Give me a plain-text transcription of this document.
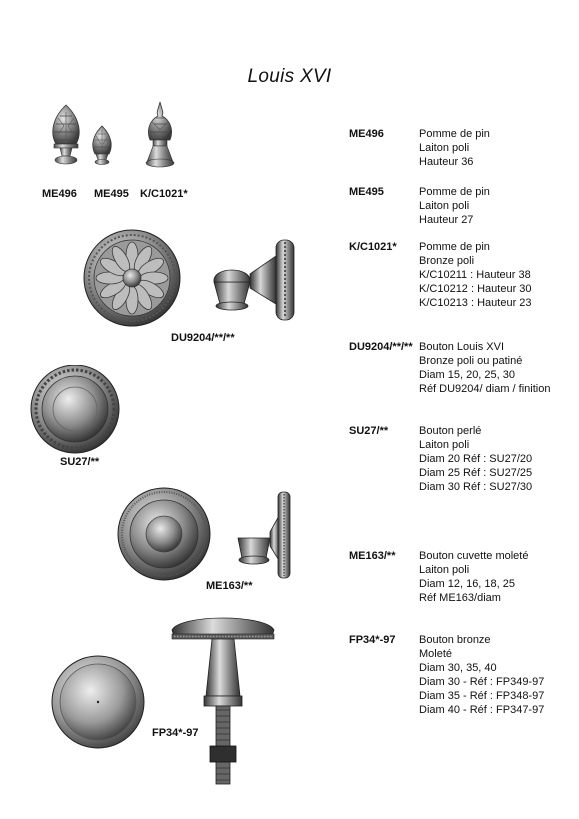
Louis XVI
ME496 ME495 K/C1021*
DU9204/**/**
SU27/**
ME163/**
FP34*-97
ME496	Pomme de pin
Laiton poli
Hauteur 36
ME495	Pomme de pin
Laiton poli
Hauteur 27
K/C1021* Pomme de pin
Bronze poli
K/C10211 : Hauteur 38
K/C10212 : Hauteur 30
K/C10213 : Hauteur 23
DU9204/**/** Bouton Louis XVI
Bronze poli ou patiné
Diam 15, 20, 25, 30
Réf DU9204/ diam / finition
SU27/**	Bouton perlé
Laiton poli
Diam 20 Réf : SU27/20
Diam 25 Réf : SU27/25
Diam 30 Réf : SU27/30
ME163/** Bouton cuvette moleté
Laiton poli
Diam 12, 16, 18, 25
Réf ME163/diam
FP34*-97 Bouton bronze
Moleté
Diam 30, 35, 40
Diam 30 - Réf : FP349-97
Diam 35 - Réf : FP348-97
Diam 40 - Réf : FP347-97
